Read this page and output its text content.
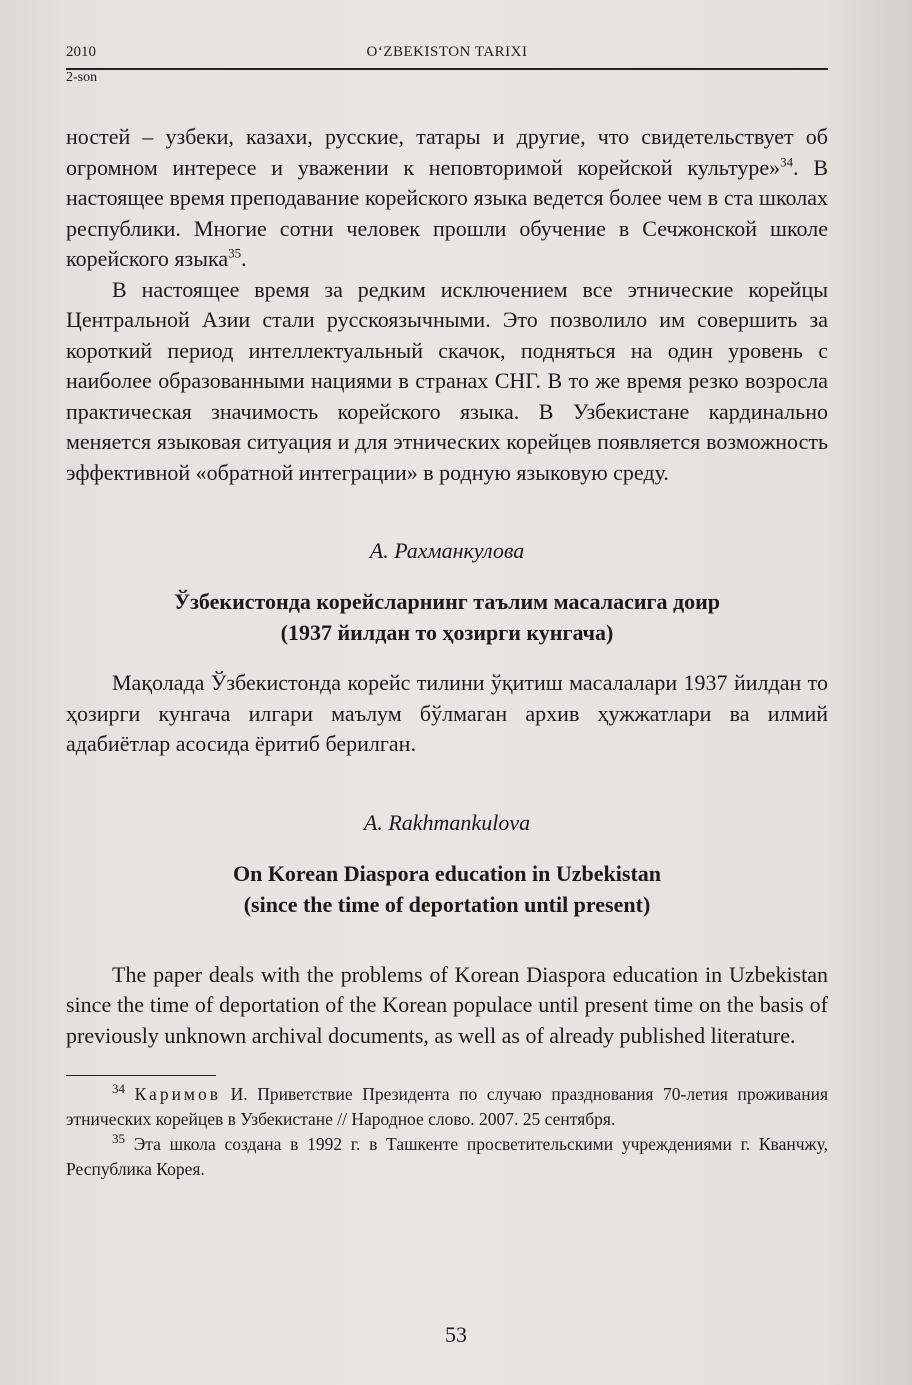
2010	O‘ZBEKISTON TARIXI
2-son

ностей – узбеки, казахи, русские, татары и другие, что свидетельствует об огромном интересе и уважении к неповторимой корейской культуре»$^{34}$. В настоящее время преподавание корейского языка ведется более чем в ста школах республики. Многие сотни человек прошли обучение в Сечжонской школе корейского языка$^{35}$.

В настоящее время за редким исключением все этнические корейцы Центральной Азии стали русскоязычными. Это позволило им совершить за короткий период интеллектуальный скачок, подняться на один уровень с наиболее образованными нациями в странах СНГ. В то же время резко возросла практическая значимость корейского языка. В Узбекистане кардинально меняется языковая ситуация и для этнических корейцев появляется возможность эффективной «обратной интеграции» в родную языковую среду.

А. Рахманкулова

Ўзбекистонда корейсларнинг таълим масаласига доир

(1937 йилдан то ҳозирги кунгача)

Мақолада Ўзбекистонда корейс тилини ўқитиш масалалари 1937 йилдан то ҳозирги кунгача илгари маълум бўлмаган архив ҳужжатлари ва илмий адабиётлар асосида ёритиб берилган.

A. Rakhmankulova

On Korean Diaspora education in Uzbekistan

(since the time of deportation until present)

The paper deals with the problems of Korean Diaspora education in Uzbekistan since the time of deportation of the Korean populace until present time on the basis of previously unknown archival documents, as well as of already published literature.

$^{34}$ Каримов И. Приветствие Президента по случаю празднования 70-летия проживания этнических корейцев в Узбекистане // Народное слово. 2007. 25 сентября.

$^{35}$ Эта школа создана в 1992 г. в Ташкенте просветительскими учреждениями г. Кванчжу, Республика Корея.

53
